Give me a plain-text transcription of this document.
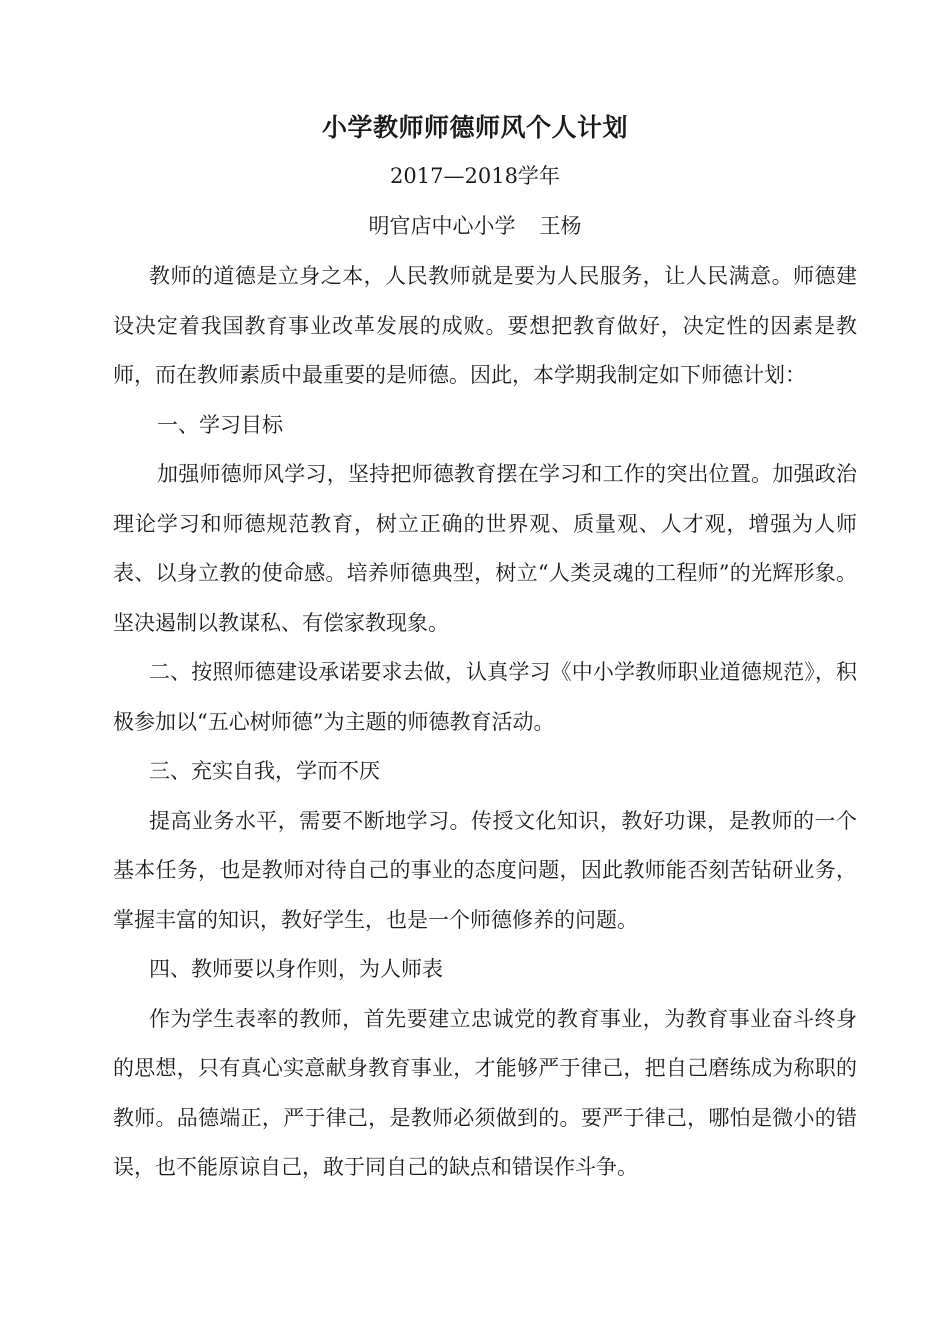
小学教师师德师风个人计划
2017—2018学年
明官店中心小学 王杨

教师的道德是立身之本，人民教师就是要为人民服务，让人民满意。师德建设决定着我国教育事业改革发展的成败。要想把教育做好，决定性的因素是教师，而在教师素质中最重要的是师德。因此，本学期我制定如下师德计划：

一、学习目标

加强师德师风学习，坚持把师德教育摆在学习和工作的突出位置。加强政治理论学习和师德规范教育，树立正确的世界观、质量观、人才观，增强为人师表、以身立教的使命感。培养师德典型，树立“人类灵魂的工程师”的光辉形象。坚决遏制以教谋私、有偿家教现象。

二、按照师德建设承诺要求去做，认真学习《中小学教师职业道德规范》，积极参加以“五心树师德”为主题的师德教育活动。

三、充实自我，学而不厌

提高业务水平，需要不断地学习。传授文化知识，教好功课，是教师的一个基本任务，也是教师对待自己的事业的态度问题，因此教师能否刻苦钻研业务，掌握丰富的知识，教好学生，也是一个师德修养的问题。

四、教师要以身作则，为人师表

作为学生表率的教师，首先要建立忠诚党的教育事业，为教育事业奋斗终身的思想，只有真心实意献身教育事业，才能够严于律己，把自己磨练成为称职的教师。品德端正，严于律己，是教师必须做到的。要严于律己，哪怕是微小的错误，也不能原谅自己，敢于同自己的缺点和错误作斗争。
